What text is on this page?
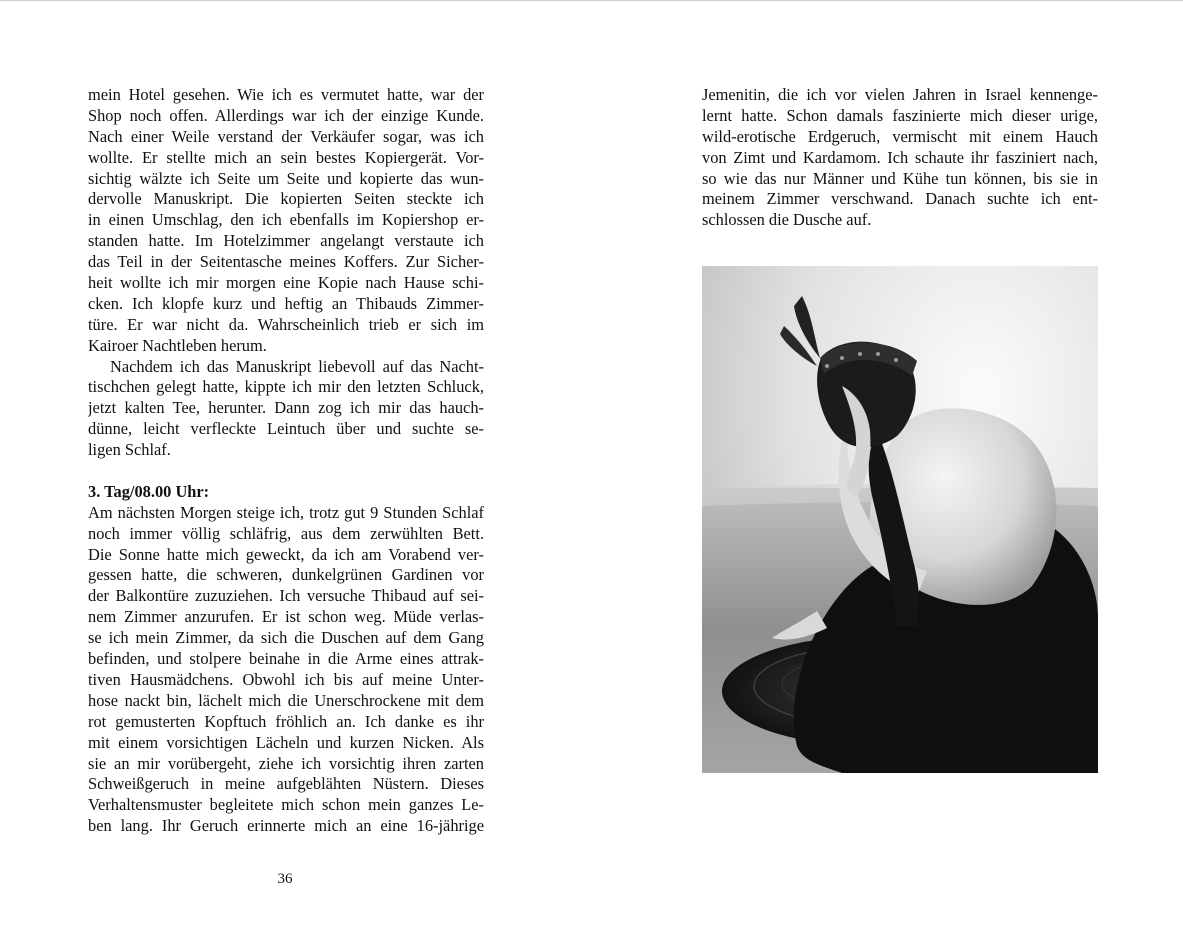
mein Hotel gesehen. Wie ich es vermutet hatte, war der
Shop noch offen. Allerdings war ich der einzige Kunde.
Nach einer Weile verstand der Verkäufer sogar, was ich
wollte. Er stellte mich an sein bestes Kopiergerät. Vor-
sichtig wälzte ich Seite um Seite und kopierte das wun-
dervolle Manuskript. Die kopierten Seiten steckte ich
in einen Umschlag, den ich ebenfalls im Kopiershop er-
standen hatte. Im Hotelzimmer angelangt verstaute ich
das Teil in der Seitentasche meines Koffers. Zur Sicher-
heit wollte ich mir morgen eine Kopie nach Hause schi-
cken. Ich klopfe kurz und heftig an Thibauds Zimmer-
türe. Er war nicht da. Wahrscheinlich trieb er sich im
Kairoer Nachtleben herum.
Nachdem ich das Manuskript liebevoll auf das Nacht-
tischchen gelegt hatte, kippte ich mir den letzten Schluck,
jetzt kalten Tee, herunter. Dann zog ich mir das hauch-
dünne, leicht verfleckte Leintuch über und suchte se-
ligen Schlaf.
3. Tag/08.00 Uhr:
Am nächsten Morgen steige ich, trotz gut 9 Stunden Schlaf
noch immer völlig schläfrig, aus dem zerwühlten Bett.
Die Sonne hatte mich geweckt, da ich am Vorabend ver-
gessen hatte, die schweren, dunkelgrünen Gardinen vor
der Balkontüre zuzuziehen. Ich versuche Thibaud auf sei-
nem Zimmer anzurufen. Er ist schon weg. Müde verlas-
se ich mein Zimmer, da sich die Duschen auf dem Gang
befinden, und stolpere beinahe in die Arme eines attrak-
tiven Hausmädchens. Obwohl ich bis auf meine Unter-
hose nackt bin, lächelt mich die Unerschrockene mit dem
rot gemusterten Kopftuch fröhlich an. Ich danke es ihr
mit einem vorsichtigen Lächeln und kurzen Nicken. Als
sie an mir vorübergeht, ziehe ich vorsichtig ihren zarten
Schweißgeruch in meine aufgeblähten Nüstern. Dieses
Verhaltensmuster begleitete mich schon mein ganzes Le-
ben lang. Ihr Geruch erinnerte mich an eine 16-jährige
36
Jemenitin, die ich vor vielen Jahren in Israel kennenge-
lernt hatte. Schon damals faszinierte mich dieser urige,
wild-erotische Erdgeruch, vermischt mit einem Hauch
von Zimt und Kardamom. Ich schaute ihr fasziniert nach,
so wie das nur Männer und Kühe tun können, bis sie in
meinem Zimmer verschwand. Danach suchte ich ent-
schlossen die Dusche auf.
